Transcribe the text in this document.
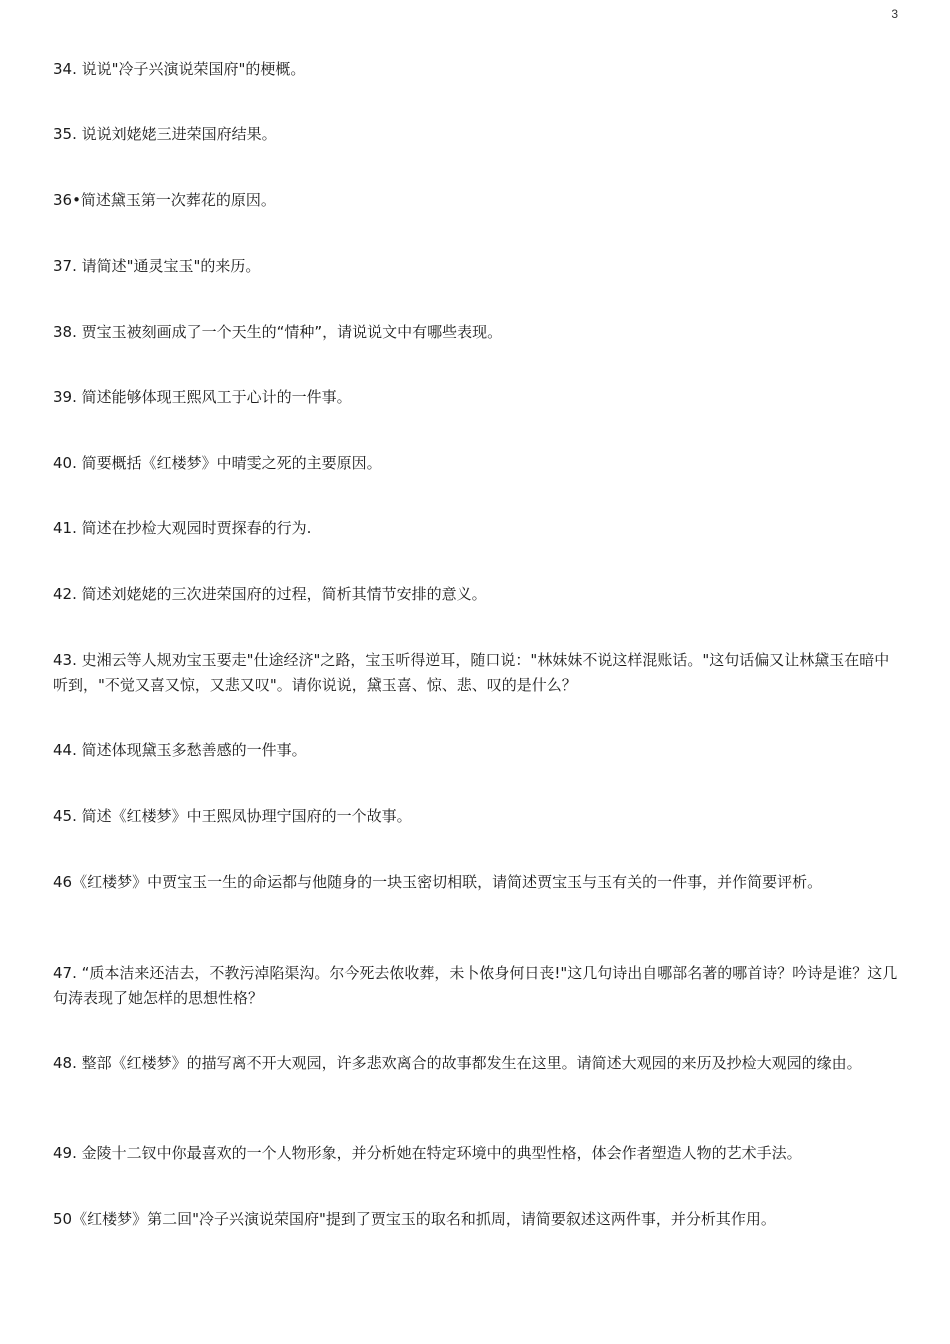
3
34. 说说"冷子兴演说荣国府"的梗概。
35. 说说刘姥姥三进荣国府结果。
36•简述黛玉第一次葬花的原因。
37. 请简述"通灵宝玉"的来历。
38. 贾宝玉被刻画成了一个天生的“情种”，请说说文中有哪些表现。
39. 简述能够体现王熙风工于心计的一件事。
40. 简要概括《红楼梦》中晴雯之死的主要原因。
41. 简述在抄检大观园时贾探春的行为.
42. 简述刘姥姥的三次进荣国府的过程，简析其情节安排的意义。
43. 史湘云等人规劝宝玉要走"仕途经济"之路，宝玉听得逆耳，随口说："林妹妹不说这样混账话。"这句话偏又让林黛玉在暗中听到，"不觉又喜又惊，又悲又叹"。请你说说，黛玉喜、惊、悲、叹的是什么？
44. 简述体现黛玉多愁善感的一件事。
45. 简述《红楼梦》中王熙凤协理宁国府的一个故事。
46《红楼梦》中贾宝玉一生的命运都与他随身的一块玉密切相联，请简述贾宝玉与玉有关的一件事，并作简要评析。
47. “质本洁来还洁去，不教污淖陷渠沟。尔今死去侬收葬，未卜侬身何日丧!"这几句诗出自哪部名著的哪首诗？吟诗是谁？这几句涛表现了她怎样的思想性格？
48. 整部《红楼梦》的描写离不开大观园，许多悲欢离合的故事都发生在这里。请简述大观园的来历及抄检大观园的缘由。
49. 金陵十二钗中你最喜欢的一个人物形象，并分析她在特定环境中的典型性格，体会作者塑造人物的艺术手法。
50《红楼梦》第二回"冷子兴演说荣国府"提到了贾宝玉的取名和抓周，请简要叙述这两件事，并分析其作用。
